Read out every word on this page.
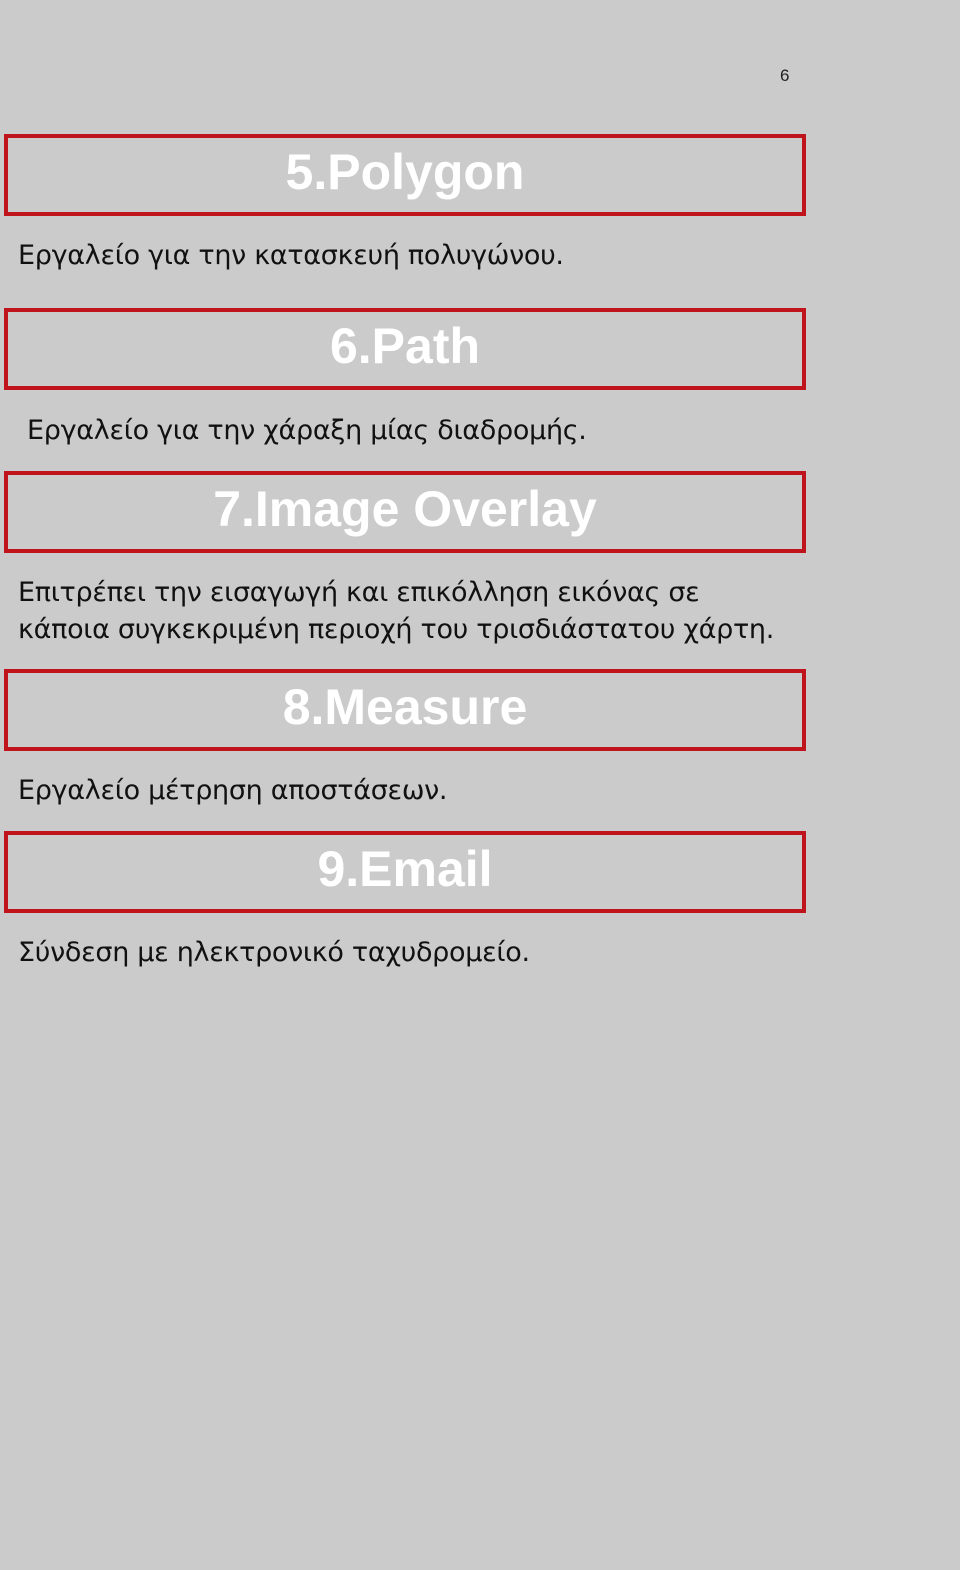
6
5.Polygon
Εργαλείο για την κατασκευή πολυγώνου.
6.Path
Εργαλείο για την χάραξη μίας διαδρομής.
7.Image Overlay
Επιτρέπει την εισαγωγή και επικόλληση εικόνας σε κάποια συγκεκριμένη περιοχή του τρισδιάστατου χάρτη.
8.Measure
Εργαλείο μέτρηση αποστάσεων.
9.Email
Σύνδεση με ηλεκτρονικό ταχυδρομείο.
